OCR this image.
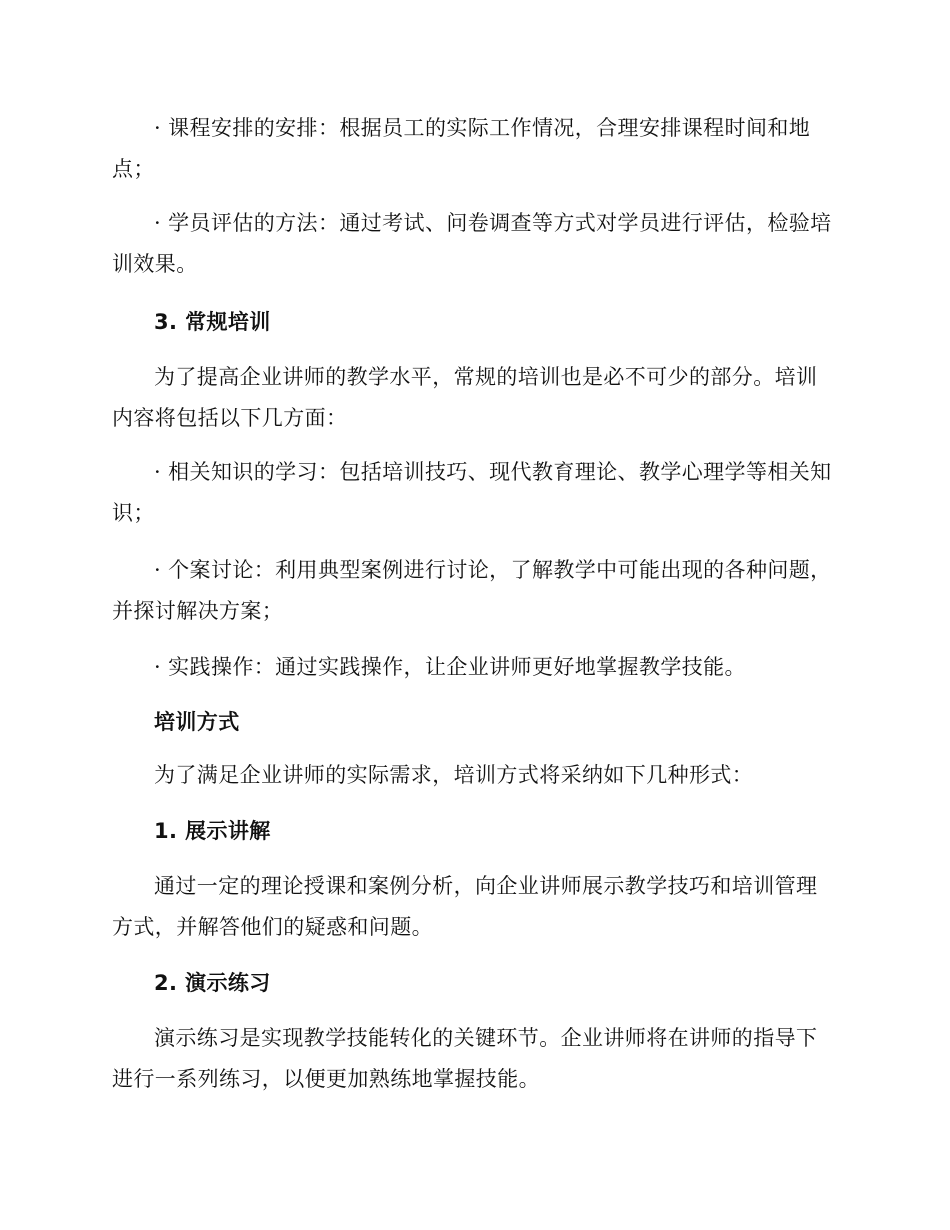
· 课程安排的安排：根据员工的实际工作情况，合理安排课程时间和地点；

· 学员评估的方法：通过考试、问卷调查等方式对学员进行评估，检验培训效果。

3. 常规培训

为了提高企业讲师的教学水平，常规的培训也是必不可少的部分。培训内容将包括以下几方面：

· 相关知识的学习：包括培训技巧、现代教育理论、教学心理学等相关知识；

· 个案讨论：利用典型案例进行讨论，了解教学中可能出现的各种问题，并探讨解决方案；

· 实践操作：通过实践操作，让企业讲师更好地掌握教学技能。

培训方式

为了满足企业讲师的实际需求，培训方式将采纳如下几种形式：

1. 展示讲解

通过一定的理论授课和案例分析，向企业讲师展示教学技巧和培训管理方式，并解答他们的疑惑和问题。

2. 演示练习

演示练习是实现教学技能转化的关键环节。企业讲师将在讲师的指导下进行一系列练习，以便更加熟练地掌握技能。
